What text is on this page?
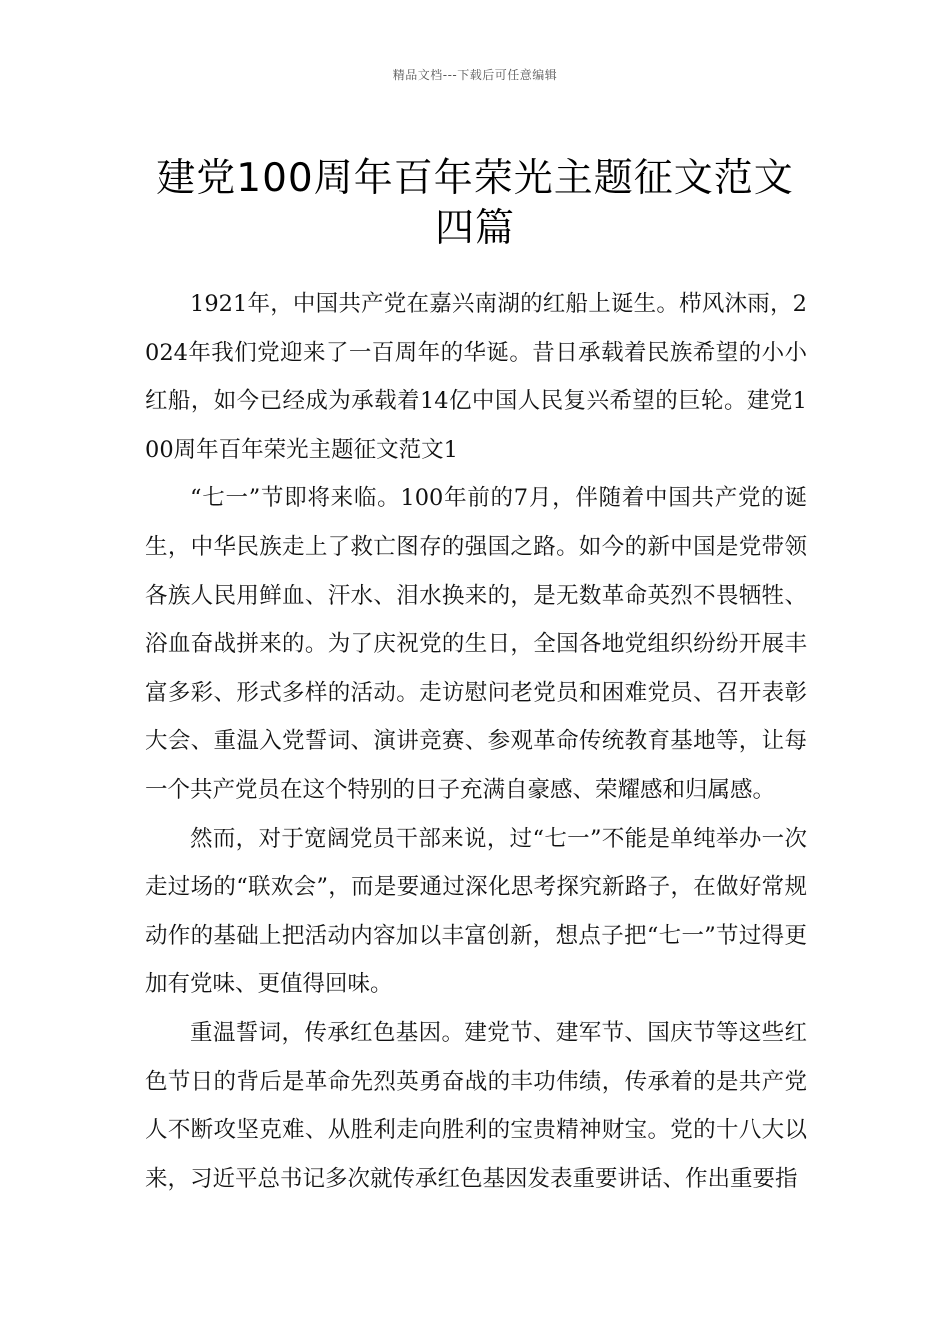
精品文档---下载后可任意编辑
建党100周年百年荣光主题征文范文四篇

1921年，中国共产党在嘉兴南湖的红船上诞生。栉风沐雨，2024年我们党迎来了一百周年的华诞。昔日承载着民族希望的小小红船，如今已经成为承载着14亿中国人民复兴希望的巨轮。建党100周年百年荣光主题征文范文1

“七一”节即将来临。100年前的7月，伴随着中国共产党的诞生，中华民族走上了救亡图存的强国之路。如今的新中国是党带领各族人民用鲜血、汗水、泪水换来的，是无数革命英烈不畏牺牲、浴血奋战拼来的。为了庆祝党的生日，全国各地党组织纷纷开展丰富多彩、形式多样的活动。走访慰问老党员和困难党员、召开表彰大会、重温入党誓词、演讲竞赛、参观革命传统教育基地等，让每一个共产党员在这个特别的日子充满自豪感、荣耀感和归属感。

然而，对于宽阔党员干部来说，过“七一”不能是单纯举办一次走过场的“联欢会”，而是要通过深化思考探究新路子，在做好常规动作的基础上把活动内容加以丰富创新，想点子把“七一”节过得更加有党味、更值得回味。

重温誓词，传承红色基因。建党节、建军节、国庆节等这些红色节日的背后是革命先烈英勇奋战的丰功伟绩，传承着的是共产党人不断攻坚克难、从胜利走向胜利的宝贵精神财宝。党的十八大以来，习近平总书记多次就传承红色基因发表重要讲话、作出重要指
